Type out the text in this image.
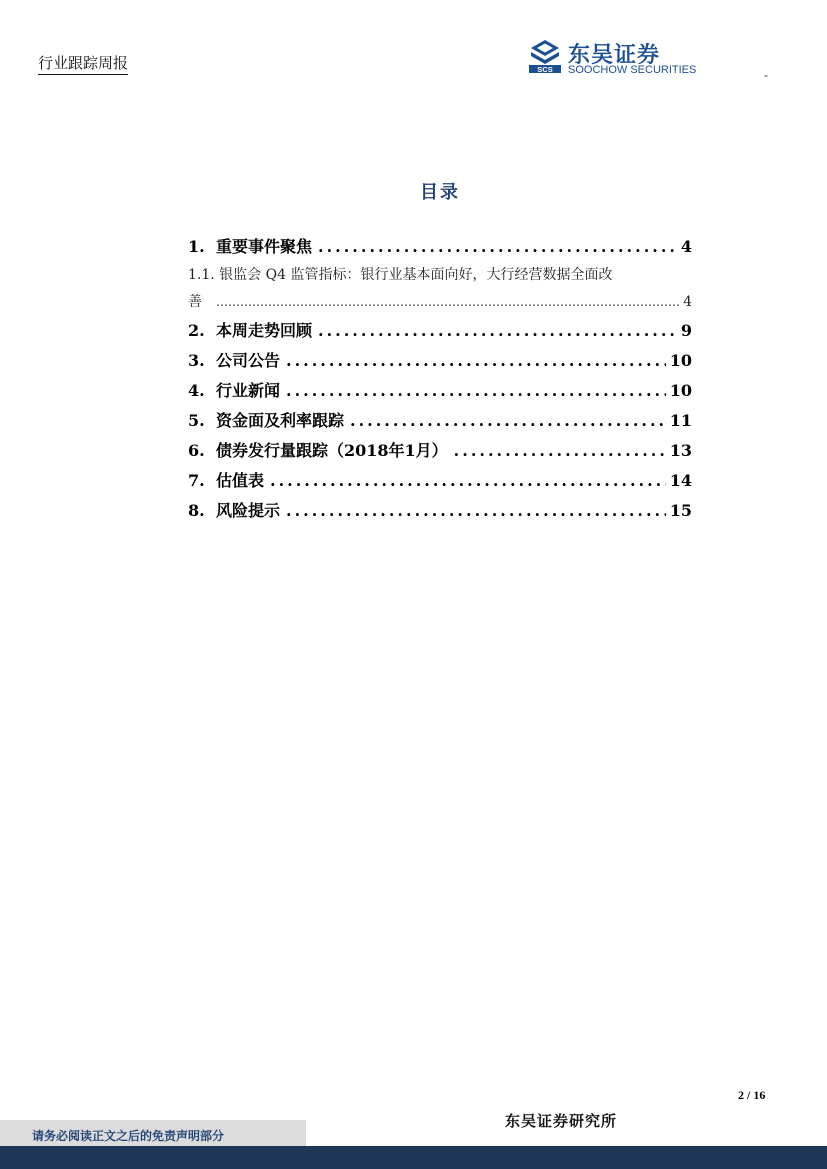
行业跟踪周报	SCS
东吴证券
SOOCHOW SECURITIES	-
目录
1. 重要事件聚焦 .....	4
1.1. 银监会 Q4 监管指标：银行业基本面向好，大行经营数据全面改
善 …………………………………………………………………………………………………………………………………………………………………………	4
2. 本周走势回顾 .....	9
3. 公司公告 .....	10
4. 行业新闻 .....	10
5. 资金面及利率跟踪 .....	11
6. 债券发行量跟踪（2018年1月） .....	13
7. 估值表 .....	14
8. 风险提示 .....	15
2 / 16
东吴证券研究所
请务必阅读正文之后的免责声明部分
